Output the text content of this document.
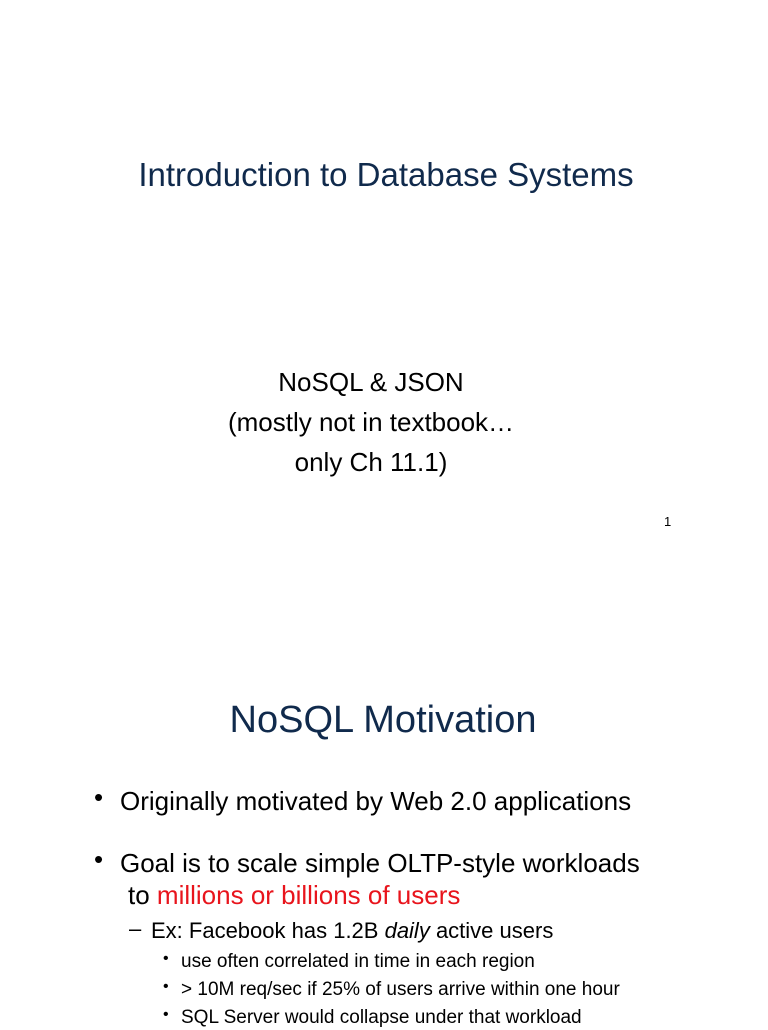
Introduction to Database Systems
NoSQL & JSON
(mostly not in textbook…
only Ch 11.1)
1
NoSQL Motivation
• Originally motivated by Web 2.0 applications
• Goal is to scale simple OLTP-style workloads
to millions or billions of users
– Ex: Facebook has 1.2B daily active users
• use often correlated in time in each region
• > 10M req/sec if 25% of users arrive within one hour
• SQL Server would collapse under that workload
